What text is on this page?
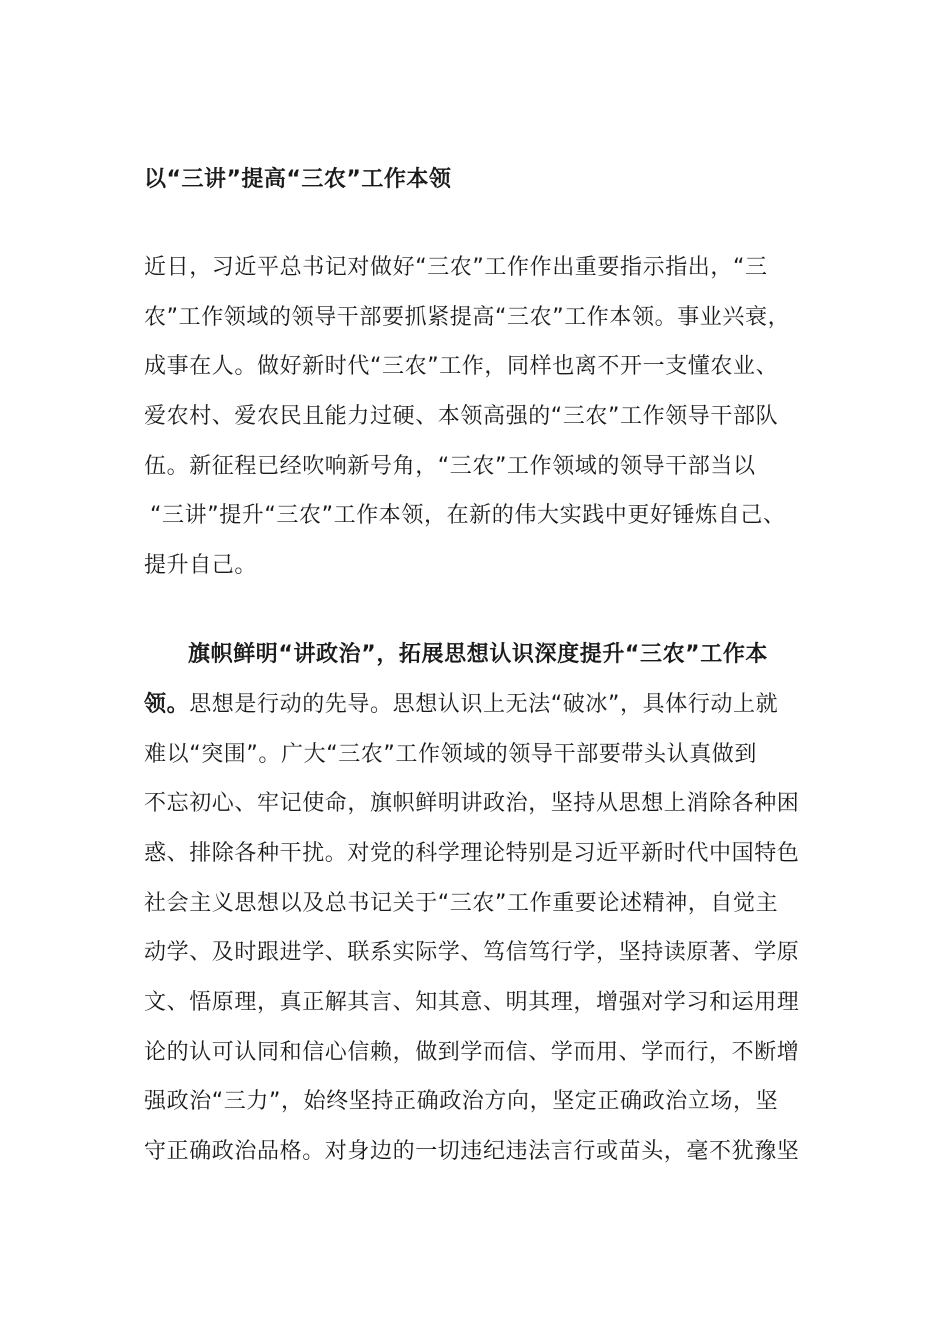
以“三讲”提高“三农”工作本领

近日，习近平总书记对做好“三农”工作作出重要指示指出，“三

农”工作领域的领导干部要抓紧提高“三农”工作本领。事业兴衰，

成事在人。做好新时代“三农”工作，同样也离不开一支懂农业、

爱农村、爱农民且能力过硬、本领高强的“三农”工作领导干部队

伍。新征程已经吹响新号角，“三农”工作领域的领导干部当以

“三讲”提升“三农”工作本领，在新的伟大实践中更好锤炼自己、

提升自己。

旗帜鲜明“讲政治”，拓展思想认识深度提升“三农”工作本

领。思想是行动的先导。思想认识上无法“破冰”，具体行动上就

难以“突围”。广大“三农”工作领域的领导干部要带头认真做到

不忘初心、牢记使命，旗帜鲜明讲政治，坚持从思想上消除各种困

惑、排除各种干扰。对党的科学理论特别是习近平新时代中国特色

社会主义思想以及总书记关于“三农”工作重要论述精神，自觉主

动学、及时跟进学、联系实际学、笃信笃行学，坚持读原著、学原

文、悟原理，真正解其言、知其意、明其理，增强对学习和运用理

论的认可认同和信心信赖，做到学而信、学而用、学而行，不断增

强政治“三力”，始终坚持正确政治方向，坚定正确政治立场，坚

守正确政治品格。对身边的一切违纪违法言行或苗头，毫不犹豫坚
